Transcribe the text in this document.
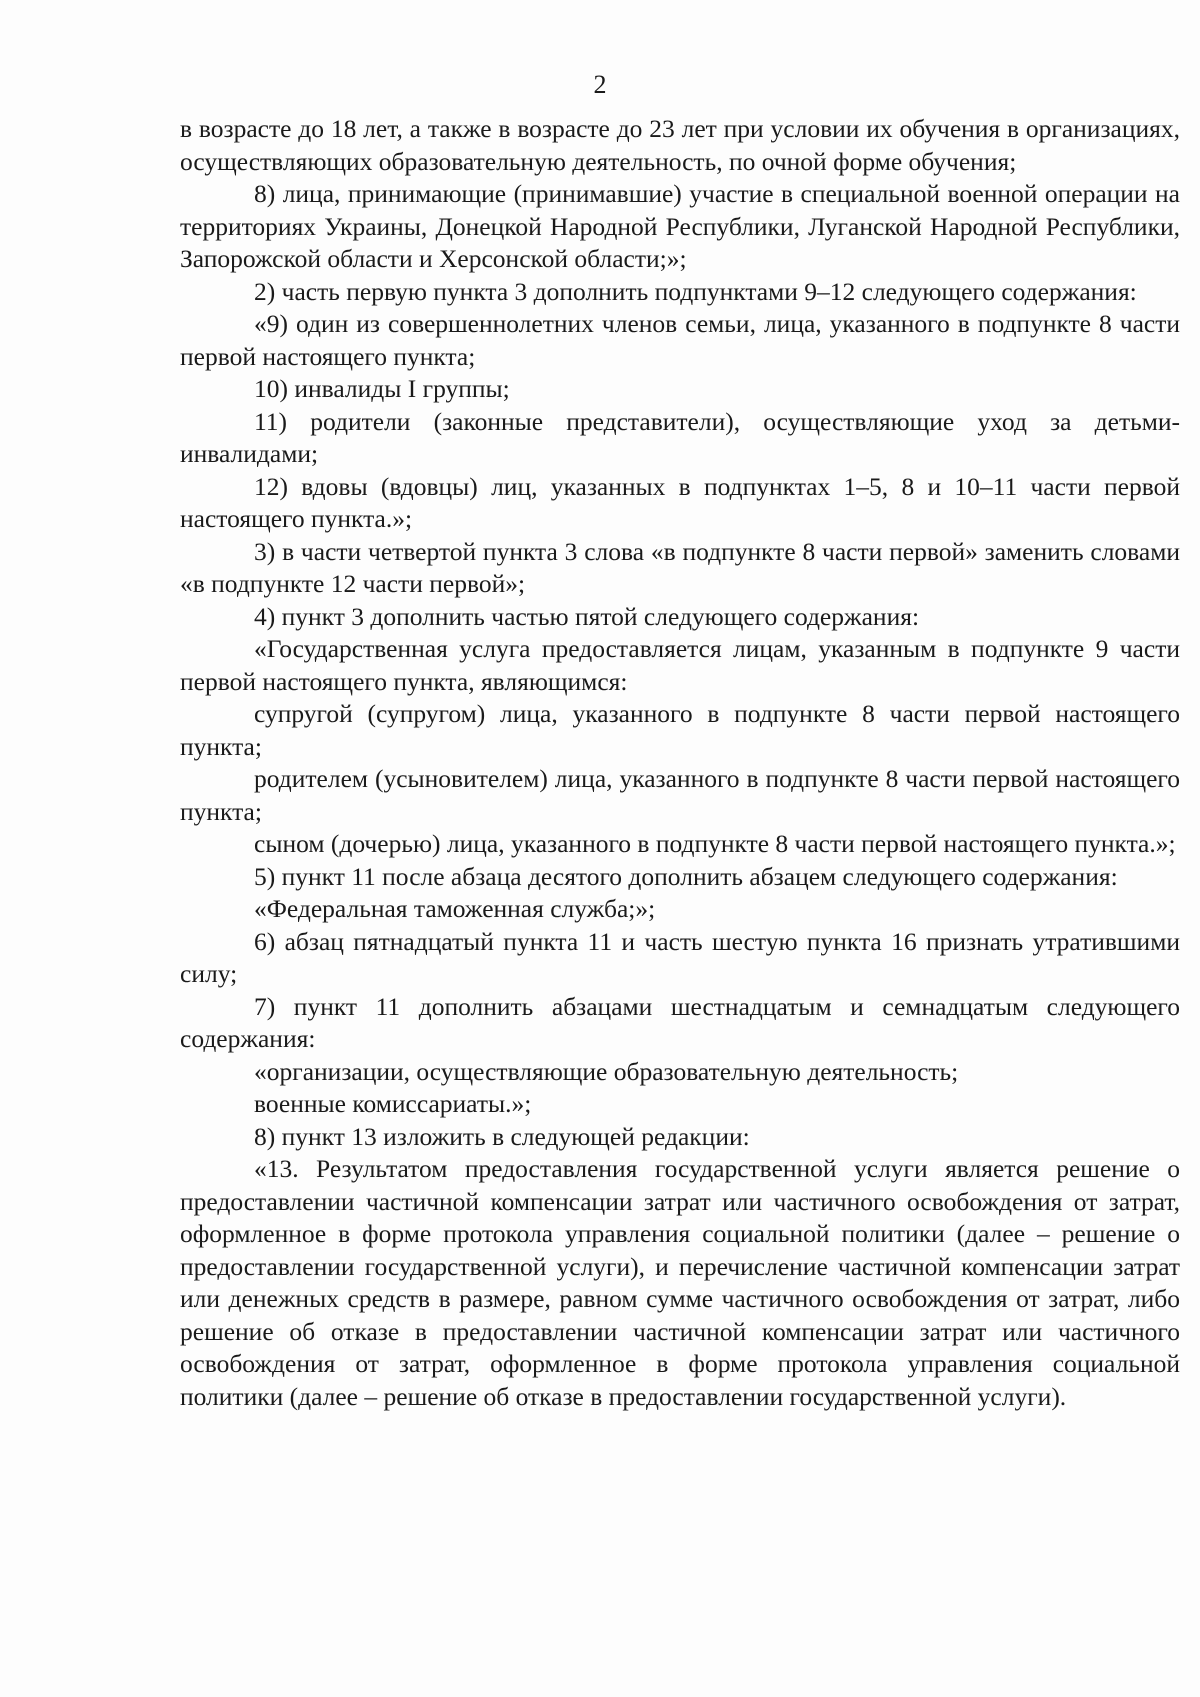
2

в возрасте до 18 лет, а также в возрасте до 23 лет при условии их обучения в организациях, осуществляющих образовательную деятельность, по очной форме обучения;

8) лица, принимающие (принимавшие) участие в специальной военной операции на территориях Украины, Донецкой Народной Республики, Луганской Народной Республики, Запорожской области и Херсонской области;»;

2) часть первую пункта 3 дополнить подпунктами 9–12 следующего содержания:

«9) один из совершеннолетних членов семьи, лица, указанного в подпункте 8 части первой настоящего пункта;

10) инвалиды I группы;

11) родители (законные представители), осуществляющие уход за детьми-инвалидами;

12) вдовы (вдовцы) лиц, указанных в подпунктах 1–5, 8 и 10–11 части первой настоящего пункта.»;

3) в части четвертой пункта 3 слова «в подпункте 8 части первой» заменить словами «в подпункте 12 части первой»;

4) пункт 3 дополнить частью пятой следующего содержания:

«Государственная услуга предоставляется лицам, указанным в подпункте 9 части первой настоящего пункта, являющимся:

супругой (супругом) лица, указанного в подпункте 8 части первой настоящего пункта;

родителем (усыновителем) лица, указанного в подпункте 8 части первой настоящего пункта;

сыном (дочерью) лица, указанного в подпункте 8 части первой настоящего пункта.»;

5) пункт 11 после абзаца десятого дополнить абзацем следующего содержания:

«Федеральная таможенная служба;»;

6) абзац пятнадцатый пункта 11 и часть шестую пункта 16 признать утратившими силу;

7) пункт 11 дополнить абзацами шестнадцатым и семнадцатым следующего содержания:

«организации, осуществляющие образовательную деятельность;

военные комиссариаты.»;

8) пункт 13 изложить в следующей редакции:

«13. Результатом предоставления государственной услуги является решение о предоставлении частичной компенсации затрат или частичного освобождения от затрат, оформленное в форме протокола управления социальной политики (далее – решение о предоставлении государственной услуги), и перечисление частичной компенсации затрат или денежных средств в размере, равном сумме частичного освобождения от затрат, либо решение об отказе в предоставлении частичной компенсации затрат или частичного освобождения от затрат, оформленное в форме протокола управления социальной политики (далее – решение об отказе в предоставлении государственной услуги).
